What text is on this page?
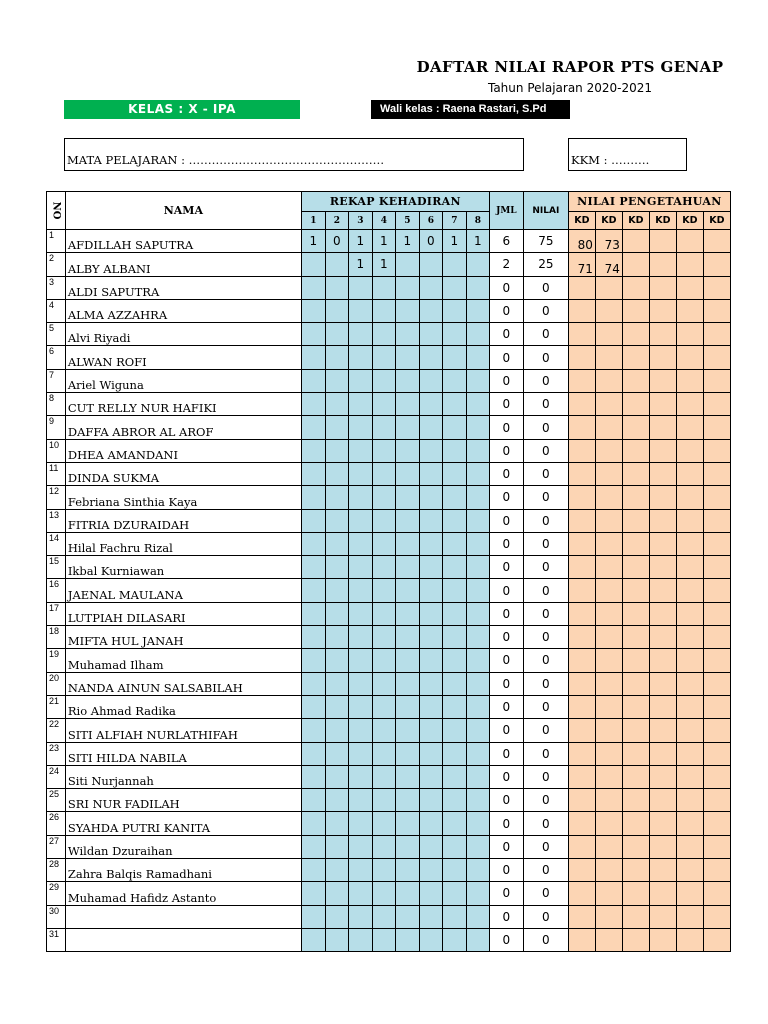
DAFTAR NILAI RAPOR PTS GENAP
Tahun Pelajaran 2020-2021
KELAS : X - IPA	Wali kelas : Raena Rastari, S.Pd
MATA PELAJARAN : ……………………………………………	KKM : ……….
NO	NAMA	REKAP KEHADIRAN								JML	NILAI	NILAI PENGETAHUAN					
		1	2	3	4	5	6	7	8			KD	KD	KD	KD	KD	KD
1	AFDILLAH SAPUTRA	1	0	1	1	1	0	1	1	6	75	80	73				
2	ALBY ALBANI			1	1					2	25	71	74				
3	ALDI SAPUTRA									0	0						
4	ALMA AZZAHRA									0	0						
5	Alvi Riyadi									0	0						
6	ALWAN ROFI									0	0						
7	Ariel Wiguna									0	0						
8	CUT RELLY NUR HAFIKI									0	0						
9	DAFFA ABROR AL AROF									0	0						
10	DHEA AMANDANI									0	0						
11	DINDA SUKMA									0	0						
12	Febriana Sinthia Kaya									0	0						
13	FITRIA DZURAIDAH									0	0						
14	Hilal Fachru Rizal									0	0						
15	Ikbal Kurniawan									0	0						
16	JAENAL MAULANA									0	0						
17	LUTPIAH DILASARI									0	0						
18	MIFTA HUL JANAH									0	0						
19	Muhamad Ilham									0	0						
20	NANDA AINUN SALSABILAH									0	0						
21	Rio Ahmad Radika									0	0						
22	SITI ALFIAH NURLATHIFAH									0	0						
23	SITI HILDA NABILA									0	0						
24	Siti Nurjannah									0	0						
25	SRI NUR FADILAH									0	0						
26	SYAHDA PUTRI KANITA									0	0						
27	Wildan Dzuraihan									0	0						
28	Zahra Balqis Ramadhani									0	0						
29	Muhamad Hafidz Astanto									0	0						
30										0	0						
31										0	0						
